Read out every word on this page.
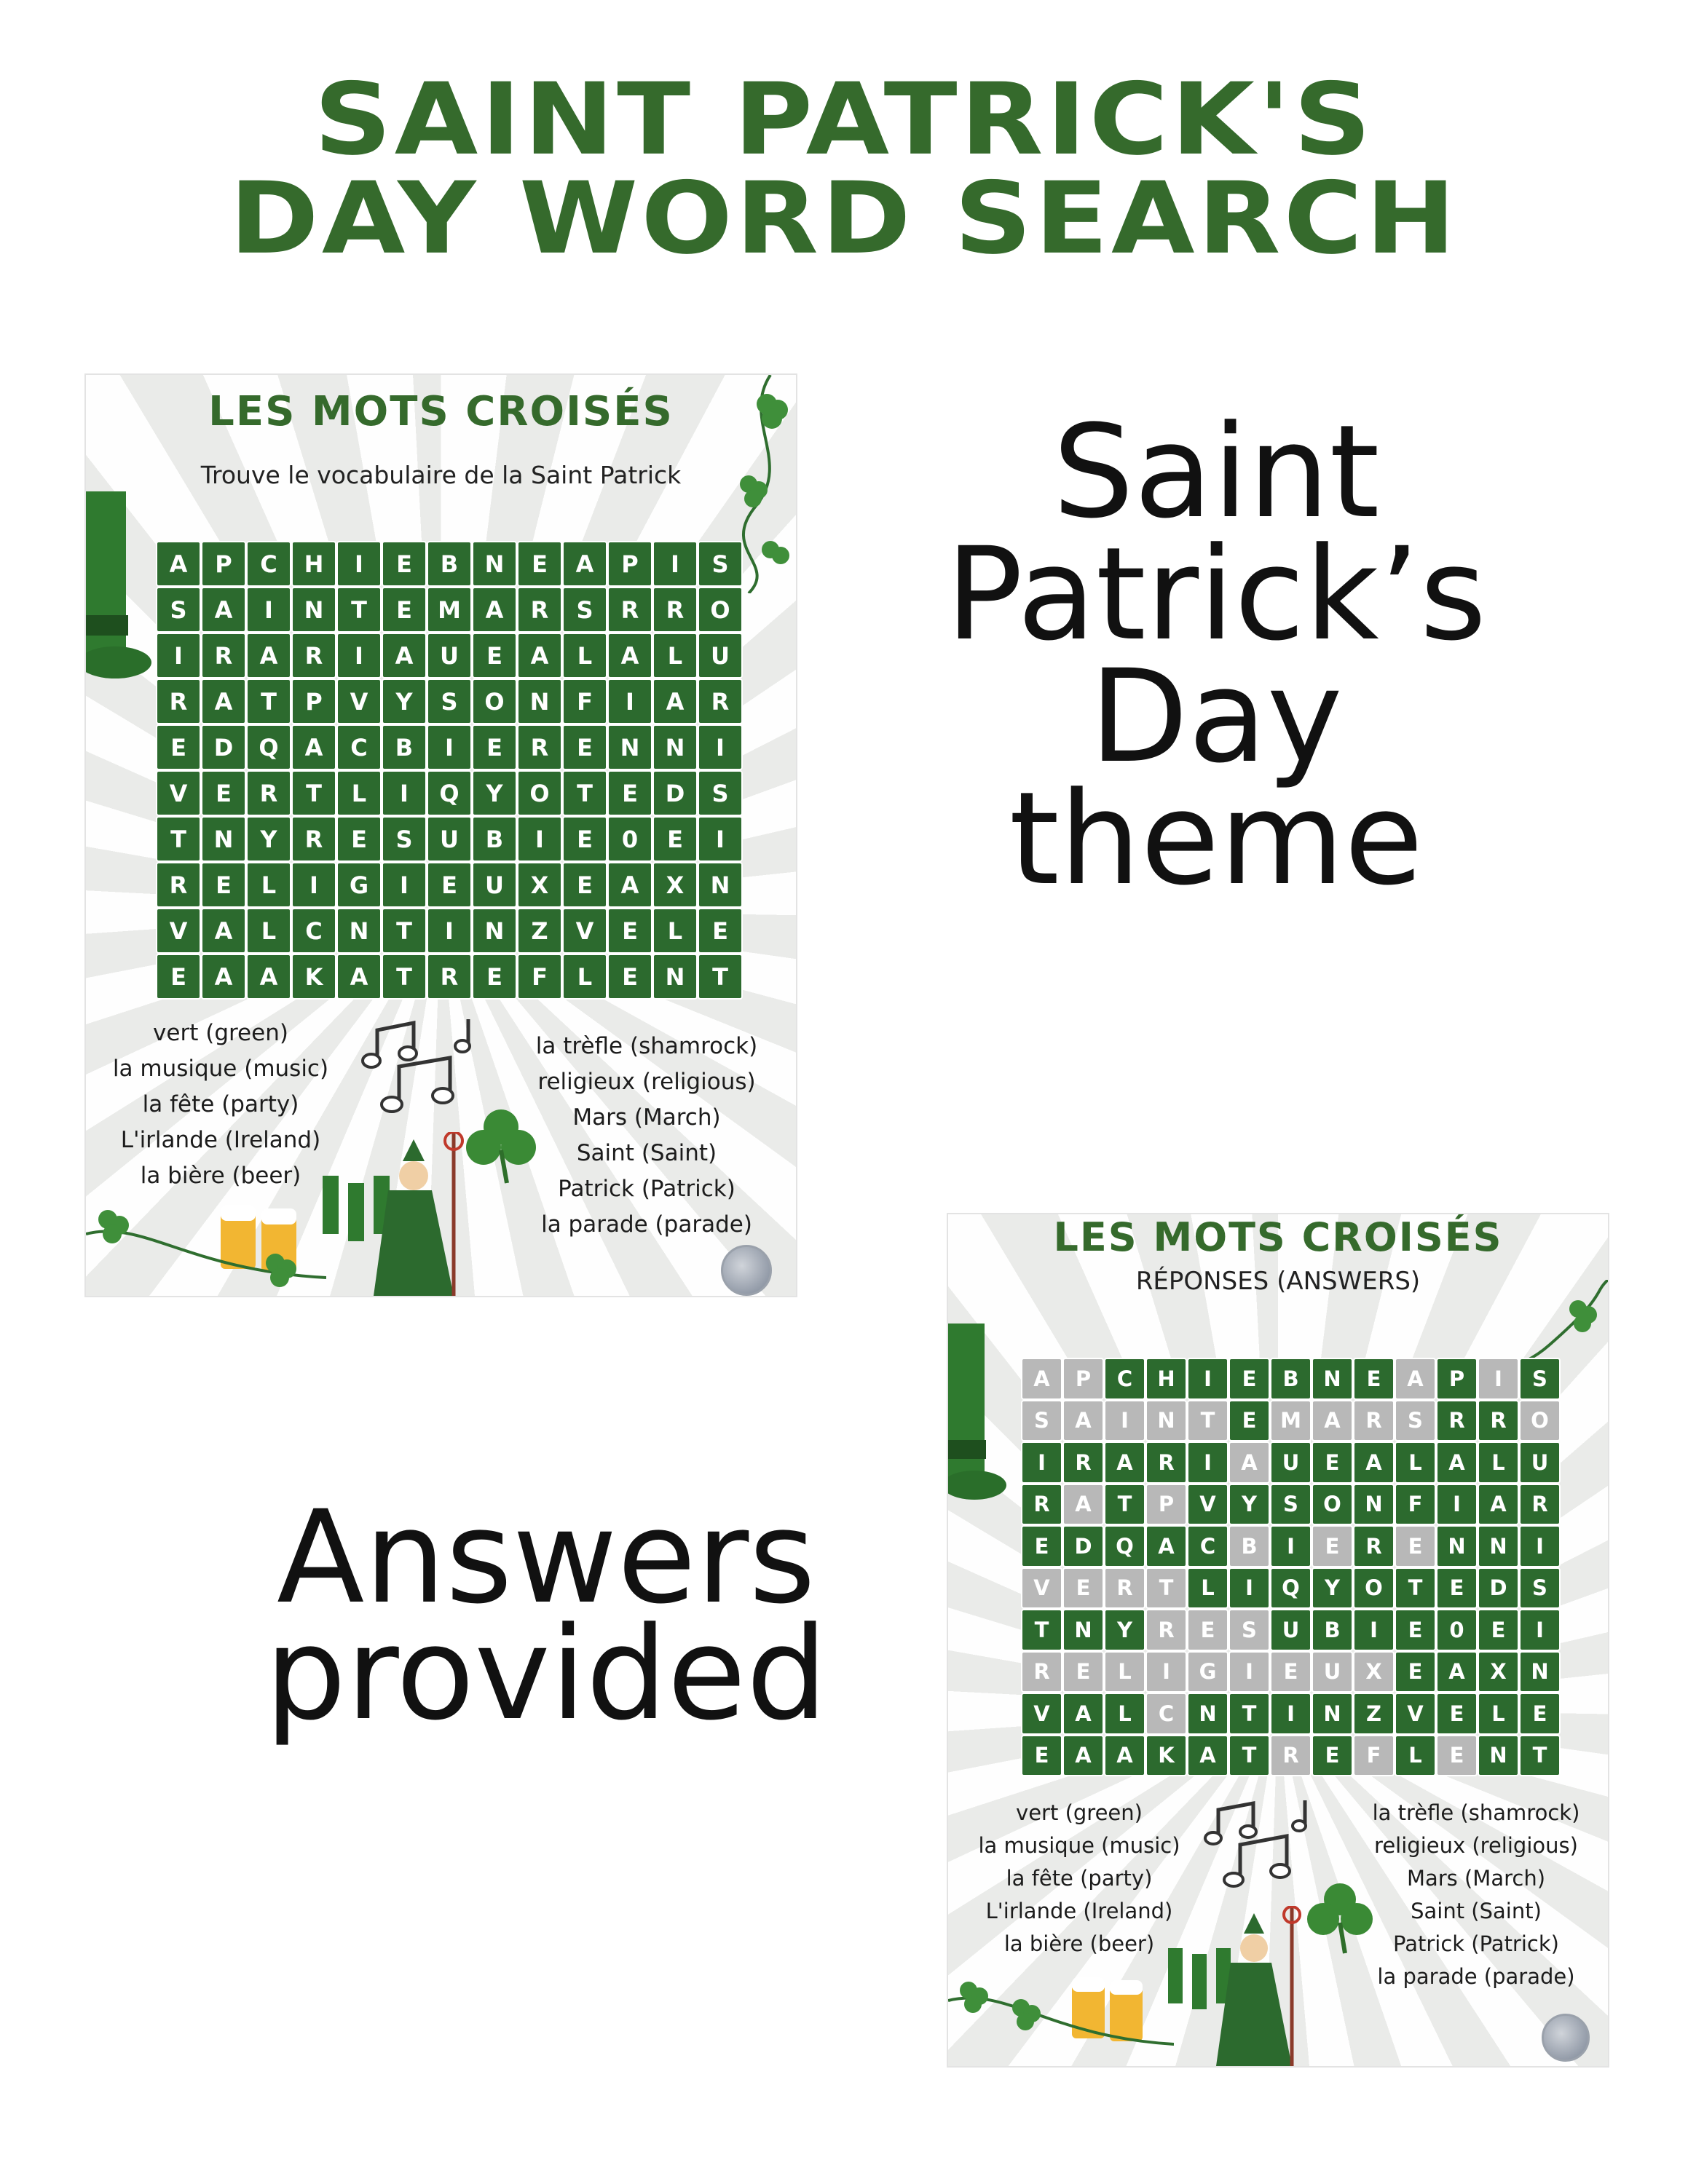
SAINT PATRICK'S
DAY WORD SEARCH
Saint
Patrick’s
Day
theme
Answers
provided
LES MOTS CROISÉS
Trouve le vocabulaire de la Saint Patrick
A	P	C	H	I	E	B	N	E	A	P	I	S
S	A	I	N	T	E	M	A	R	S	R	R	O
I	R	A	R	I	A	U	E	A	L	A	L	U
R	A	T	P	V	Y	S	O	N	F	I	A	R
E	D	Q	A	C	B	I	E	R	E	N	N	I
V	E	R	T	L	I	Q	Y	O	T	E	D	S
T	N	Y	R	E	S	U	B	I	E	0	E	I
R	E	L	I	G	I	E	U	X	E	A	X	N
V	A	L	C	N	T	I	N	Z	V	E	L	E
E	A	A	K	A	T	R	E	F	L	E	N	T
vert (green)
la musique (music)
la fête (party)
L'irlande (Ireland)
la bière (beer)
la trèfle (shamrock)
religieux (religious)
Mars (March)
Saint (Saint)
Patrick (Patrick)
la parade (parade)	LES MOTS CROISÉS
RÉPONSES (ANSWERS)
A	P	C	H	I	E	B	N	E	A	P	I	S
S	A	I	N	T	E	M	A	R	S	R	R	O
I	R	A	R	I	A	U	E	A	L	A	L	U
R	A	T	P	V	Y	S	O	N	F	I	A	R
E	D	Q	A	C	B	I	E	R	E	N	N	I
V	E	R	T	L	I	Q	Y	O	T	E	D	S
T	N	Y	R	E	S	U	B	I	E	0	E	I
R	E	L	I	G	I	E	U	X	E	A	X	N
V	A	L	C	N	T	I	N	Z	V	E	L	E
E	A	A	K	A	T	R	E	F	L	E	N	T
vert (green)
la musique (music)
la fête (party)
L'irlande (Ireland)
la bière (beer)
la trèfle (shamrock)
religieux (religious)
Mars (March)
Saint (Saint)
Patrick (Patrick)
la parade (parade)
